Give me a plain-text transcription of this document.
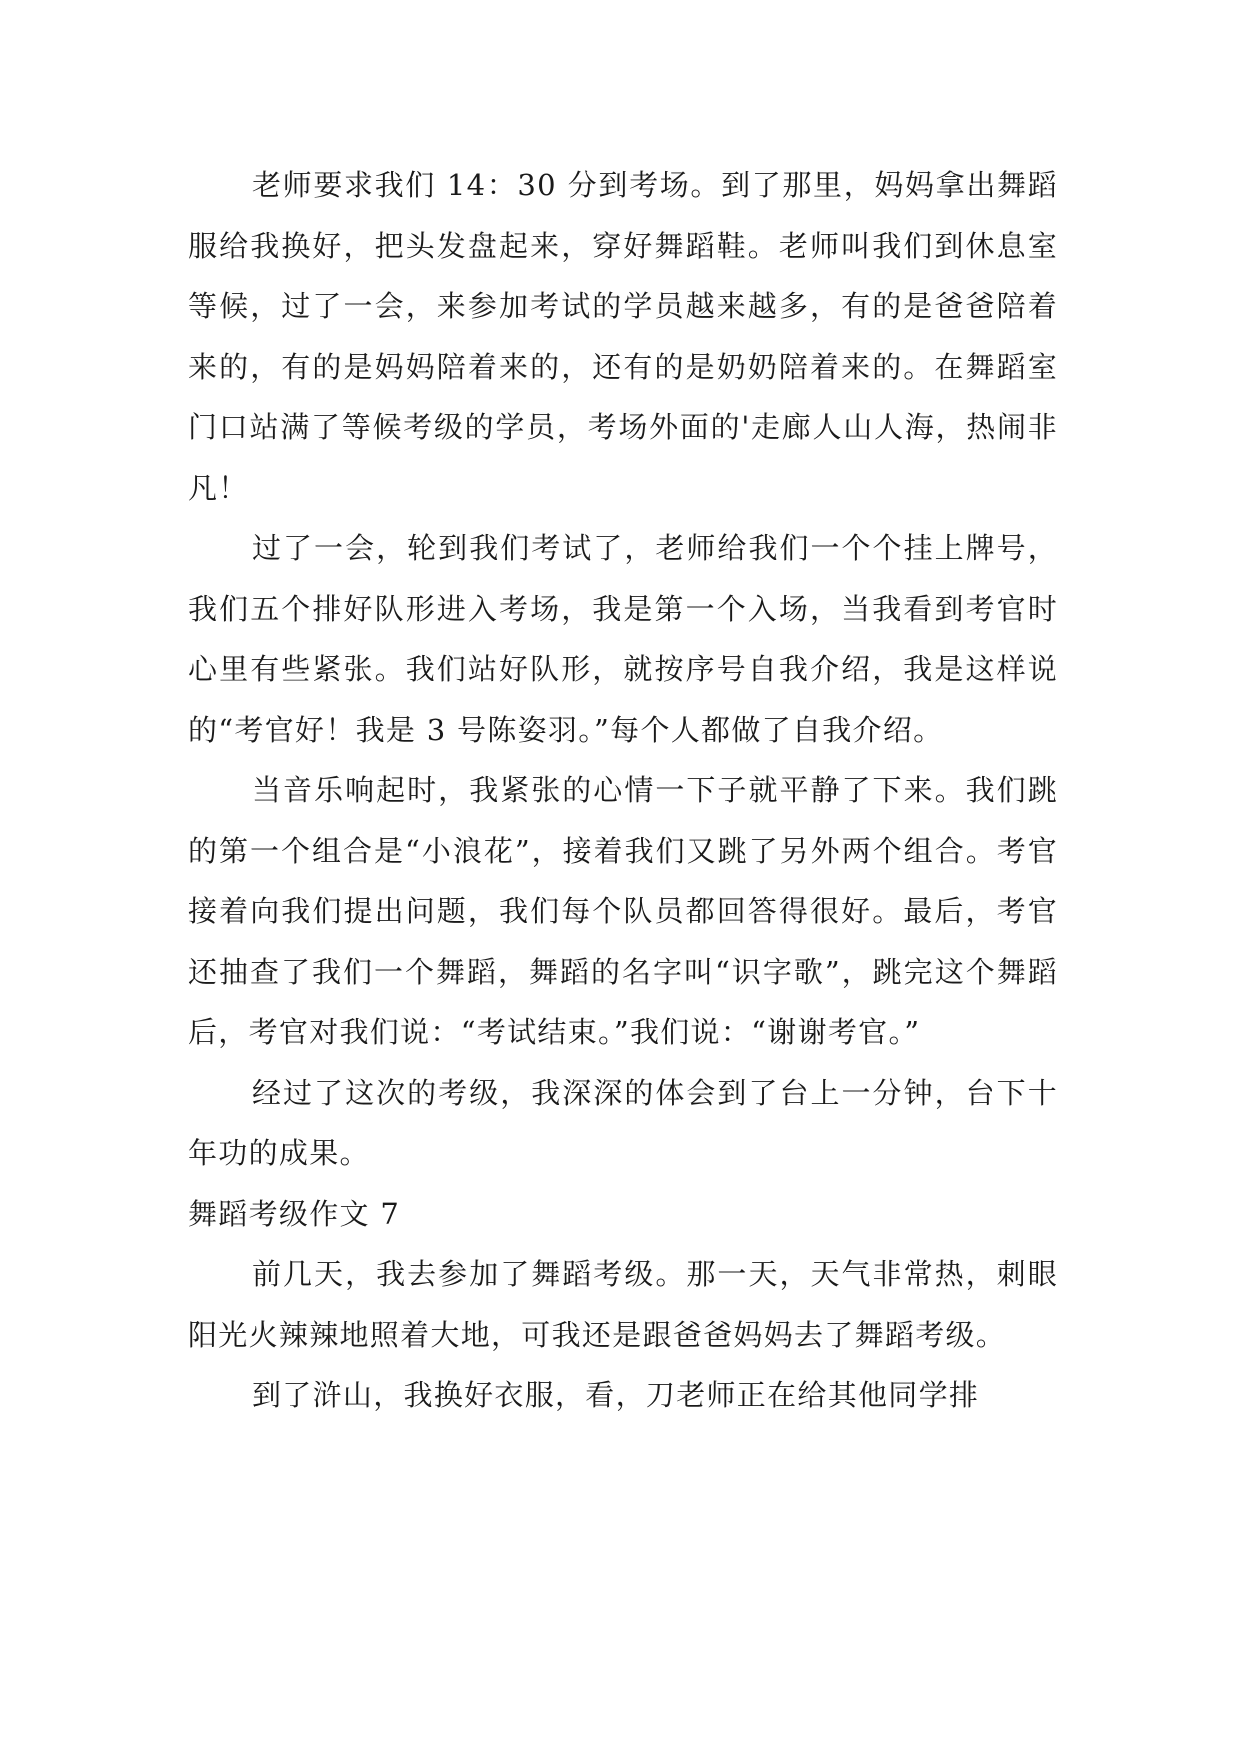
老师要求我们 14：30 分到考场。到了那里，妈妈拿出舞蹈服给我换好，把头发盘起来，穿好舞蹈鞋。老师叫我们到休息室等候，过了一会，来参加考试的学员越来越多，有的是爸爸陪着来的，有的是妈妈陪着来的，还有的是奶奶陪着来的。在舞蹈室门口站满了等候考级的学员，考场外面的'走廊人山人海，热闹非凡！

过了一会，轮到我们考试了，老师给我们一个个挂上牌号，我们五个排好队形进入考场，我是第一个入场，当我看到考官时心里有些紧张。我们站好队形，就按序号自我介绍，我是这样说的“考官好！我是 3 号陈姿羽。”每个人都做了自我介绍。

当音乐响起时，我紧张的心情一下子就平静了下来。我们跳的第一个组合是“小浪花”，接着我们又跳了另外两个组合。考官接着向我们提出问题，我们每个队员都回答得很好。最后，考官还抽查了我们一个舞蹈，舞蹈的名字叫“识字歌”，跳完这个舞蹈后，考官对我们说：“考试结束。”我们说：“谢谢考官。”

经过了这次的考级，我深深的体会到了台上一分钟，台下十年功的成果。

舞蹈考级作文 7

前几天，我去参加了舞蹈考级。那一天，天气非常热，刺眼阳光火辣辣地照着大地，可我还是跟爸爸妈妈去了舞蹈考级。

到了浒山，我换好衣服，看，刀老师正在给其他同学排
